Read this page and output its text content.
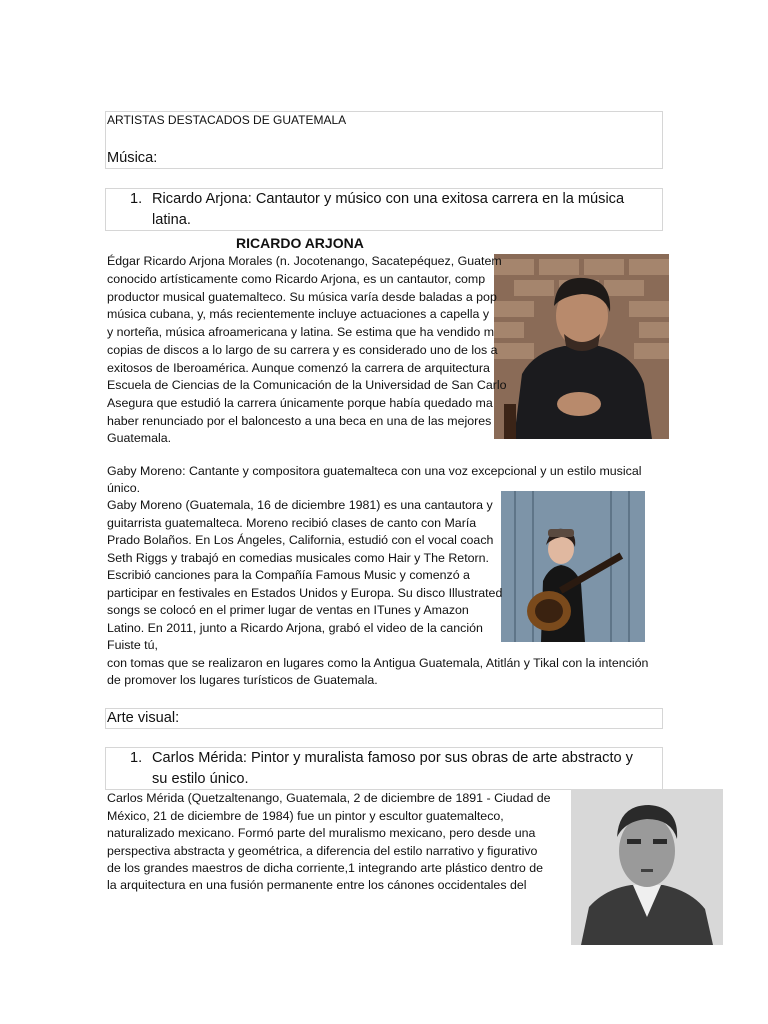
ARTISTAS DESTACADOS DE GUATEMALA
Música:
1. Ricardo Arjona: Cantautor y músico con una exitosa carrera en la música
latina.
RICARDO ARJONA
Édgar Ricardo Arjona Morales (n. Jocotenango, Sacatepéquez, Guatem
conocido artísticamente como Ricardo Arjona, es un cantautor, comp
productor musical guatemalteco. Su música varía desde baladas a pop
música cubana, y, más recientemente incluye actuaciones a capella y
y norteña, música afroamericana y latina. Se estima que ha vendido m
copias de discos a lo largo de su carrera y es considerado uno de los a
exitosos de Iberoamérica. Aunque comenzó la carrera de arquitectura
Escuela de Ciencias de la Comunicación de la Universidad de San Carlo
Asegura que estudió la carrera únicamente porque había quedado ma
haber renunciado por el baloncesto a una beca en una de las mejores
Guatemala.
Gaby Moreno: Cantante y compositora guatemalteca con una voz excepcional y un estilo musical
único.
Gaby Moreno (Guatemala, 16 de diciembre 1981) es una cantautora y
guitarrista guatemalteca. Moreno recibió clases de canto con María
Prado Bolaños. En Los Ángeles, California, estudió con el vocal coach
Seth Riggs y trabajó en comedias musicales como Hair y The Retorn.
Escribió canciones para la Compañía Famous Music y comenzó a
participar en festivales en Estados Unidos y Europa. Su disco Illustrated
songs se colocó en el primer lugar de ventas en ITunes y Amazon
Latino. En 2011, junto a Ricardo Arjona, grabó el video de la canción
Fuiste tú,
con tomas que se realizaron en lugares como la Antigua Guatemala, Atitlán y Tikal con la intención
de promover los lugares turísticos de Guatemala.
Arte visual:
1. Carlos Mérida: Pintor y muralista famoso por sus obras de arte abstracto y
su estilo único.
Carlos Mérida (Quetzaltenango, Guatemala, 2 de diciembre de 1891 - Ciudad de
México, 21 de diciembre de 1984) fue un pintor y escultor guatemalteco,
naturalizado mexicano. Formó parte del muralismo mexicano, pero desde una
perspectiva abstracta y geométrica, a diferencia del estilo narrativo y figurativo
de los grandes maestros de dicha corriente,1 integrando arte plástico dentro de
la arquitectura en una fusión permanente entre los cánones occidentales del
